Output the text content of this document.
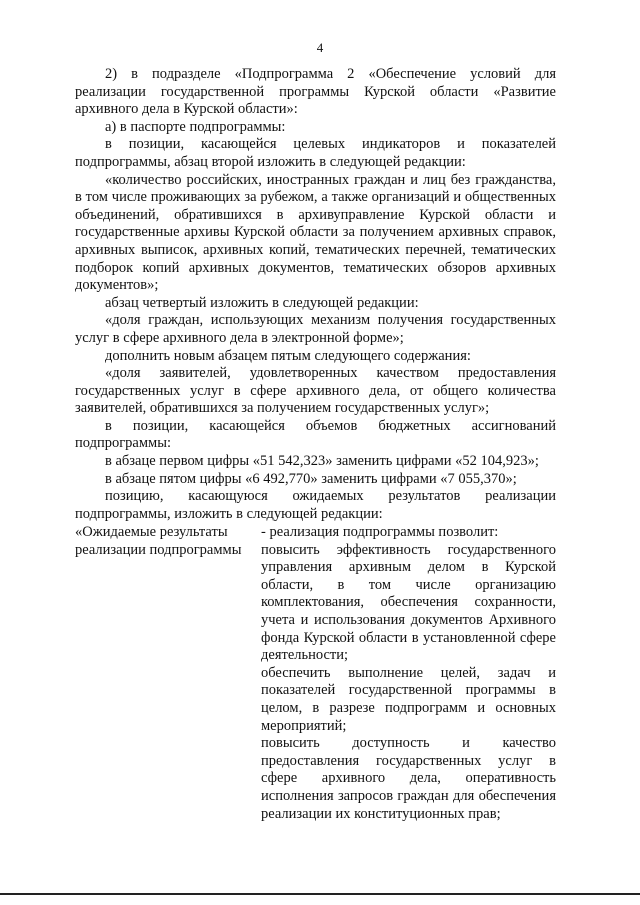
4

2) в подразделе «Подпрограмма 2 «Обеспечение условий для реализации государственной программы Курской области «Развитие архивного дела в Курской области»:

а) в паспорте подпрограммы:

в позиции, касающейся целевых индикаторов и показателей подпрограммы, абзац второй изложить в следующей редакции:

«количество российских, иностранных граждан и лиц без гражданства, в том числе проживающих за рубежом, а также организаций и общественных объединений, обратившихся в архивуправление Курской области и государственные архивы Курской области за получением архивных справок, архивных выписок, архивных копий, тематических перечней, тематических подборок копий архивных документов, тематических обзоров архивных документов»;

абзац четвертый изложить в следующей редакции:

«доля граждан, использующих механизм получения государственных услуг в сфере архивного дела в электронной форме»;

дополнить новым абзацем пятым следующего содержания:

«доля заявителей, удовлетворенных качеством предоставления государственных услуг в сфере архивного дела, от общего количества заявителей, обратившихся за получением государственных услуг»;

в позиции, касающейся объемов бюджетных ассигнований подпрограммы:

в абзаце первом цифры «51 542,323» заменить цифрами «52 104,923»;

в абзаце пятом цифры «6 492,770» заменить цифрами «7 055,370»;

позицию, касающуюся ожидаемых результатов реализации подпрограммы, изложить в следующей редакции:

«Ожидаемые результаты реализации подпрограммы

- реализация подпрограммы позволит:

повысить эффективность государственного управления архивным делом в Курской области, в том числе организацию комплектования, обеспечения сохранности, учета и использования документов Архивного фонда Курской области в установленной сфере деятельности;

обеспечить выполнение целей, задач и показателей государственной программы в целом, в разрезе подпрограмм и основных мероприятий;

повысить доступность и качество предоставления государственных услуг в сфере архивного дела, оперативность исполнения запросов граждан для обеспечения реализации их конституционных прав;
